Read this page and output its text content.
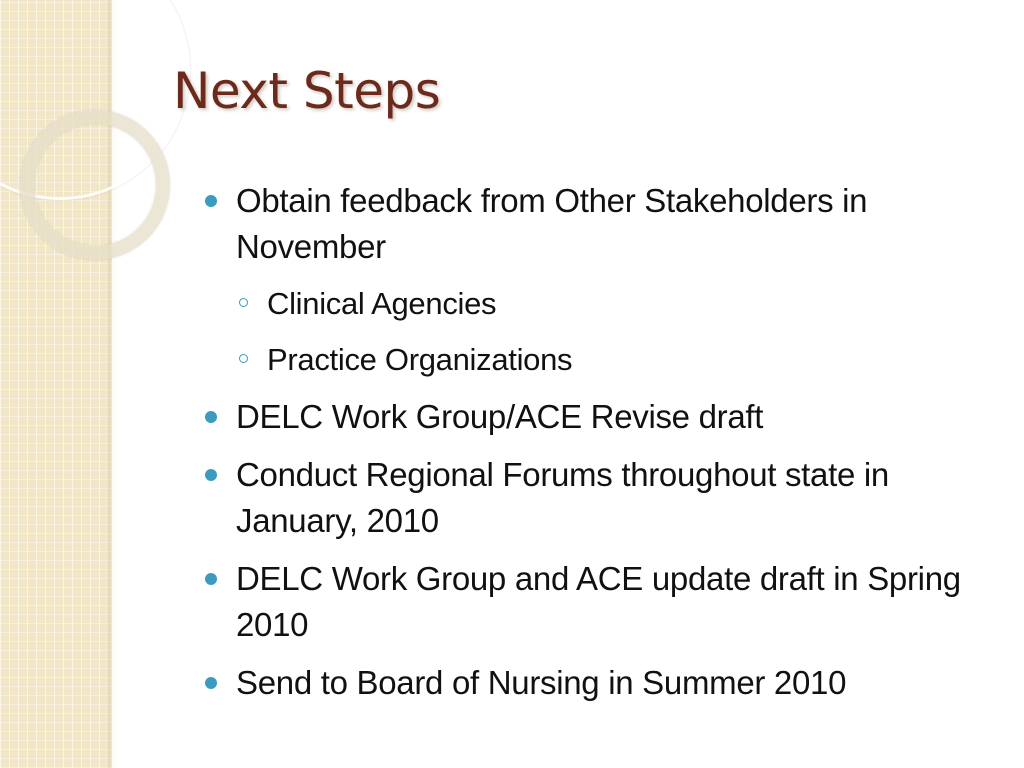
Next Steps
Obtain feedback from Other Stakeholders in November
Clinical Agencies
Practice Organizations
DELC Work Group/ACE Revise draft
Conduct Regional Forums throughout state in January, 2010
DELC Work Group and ACE update draft in Spring 2010
Send to Board of Nursing in Summer 2010
